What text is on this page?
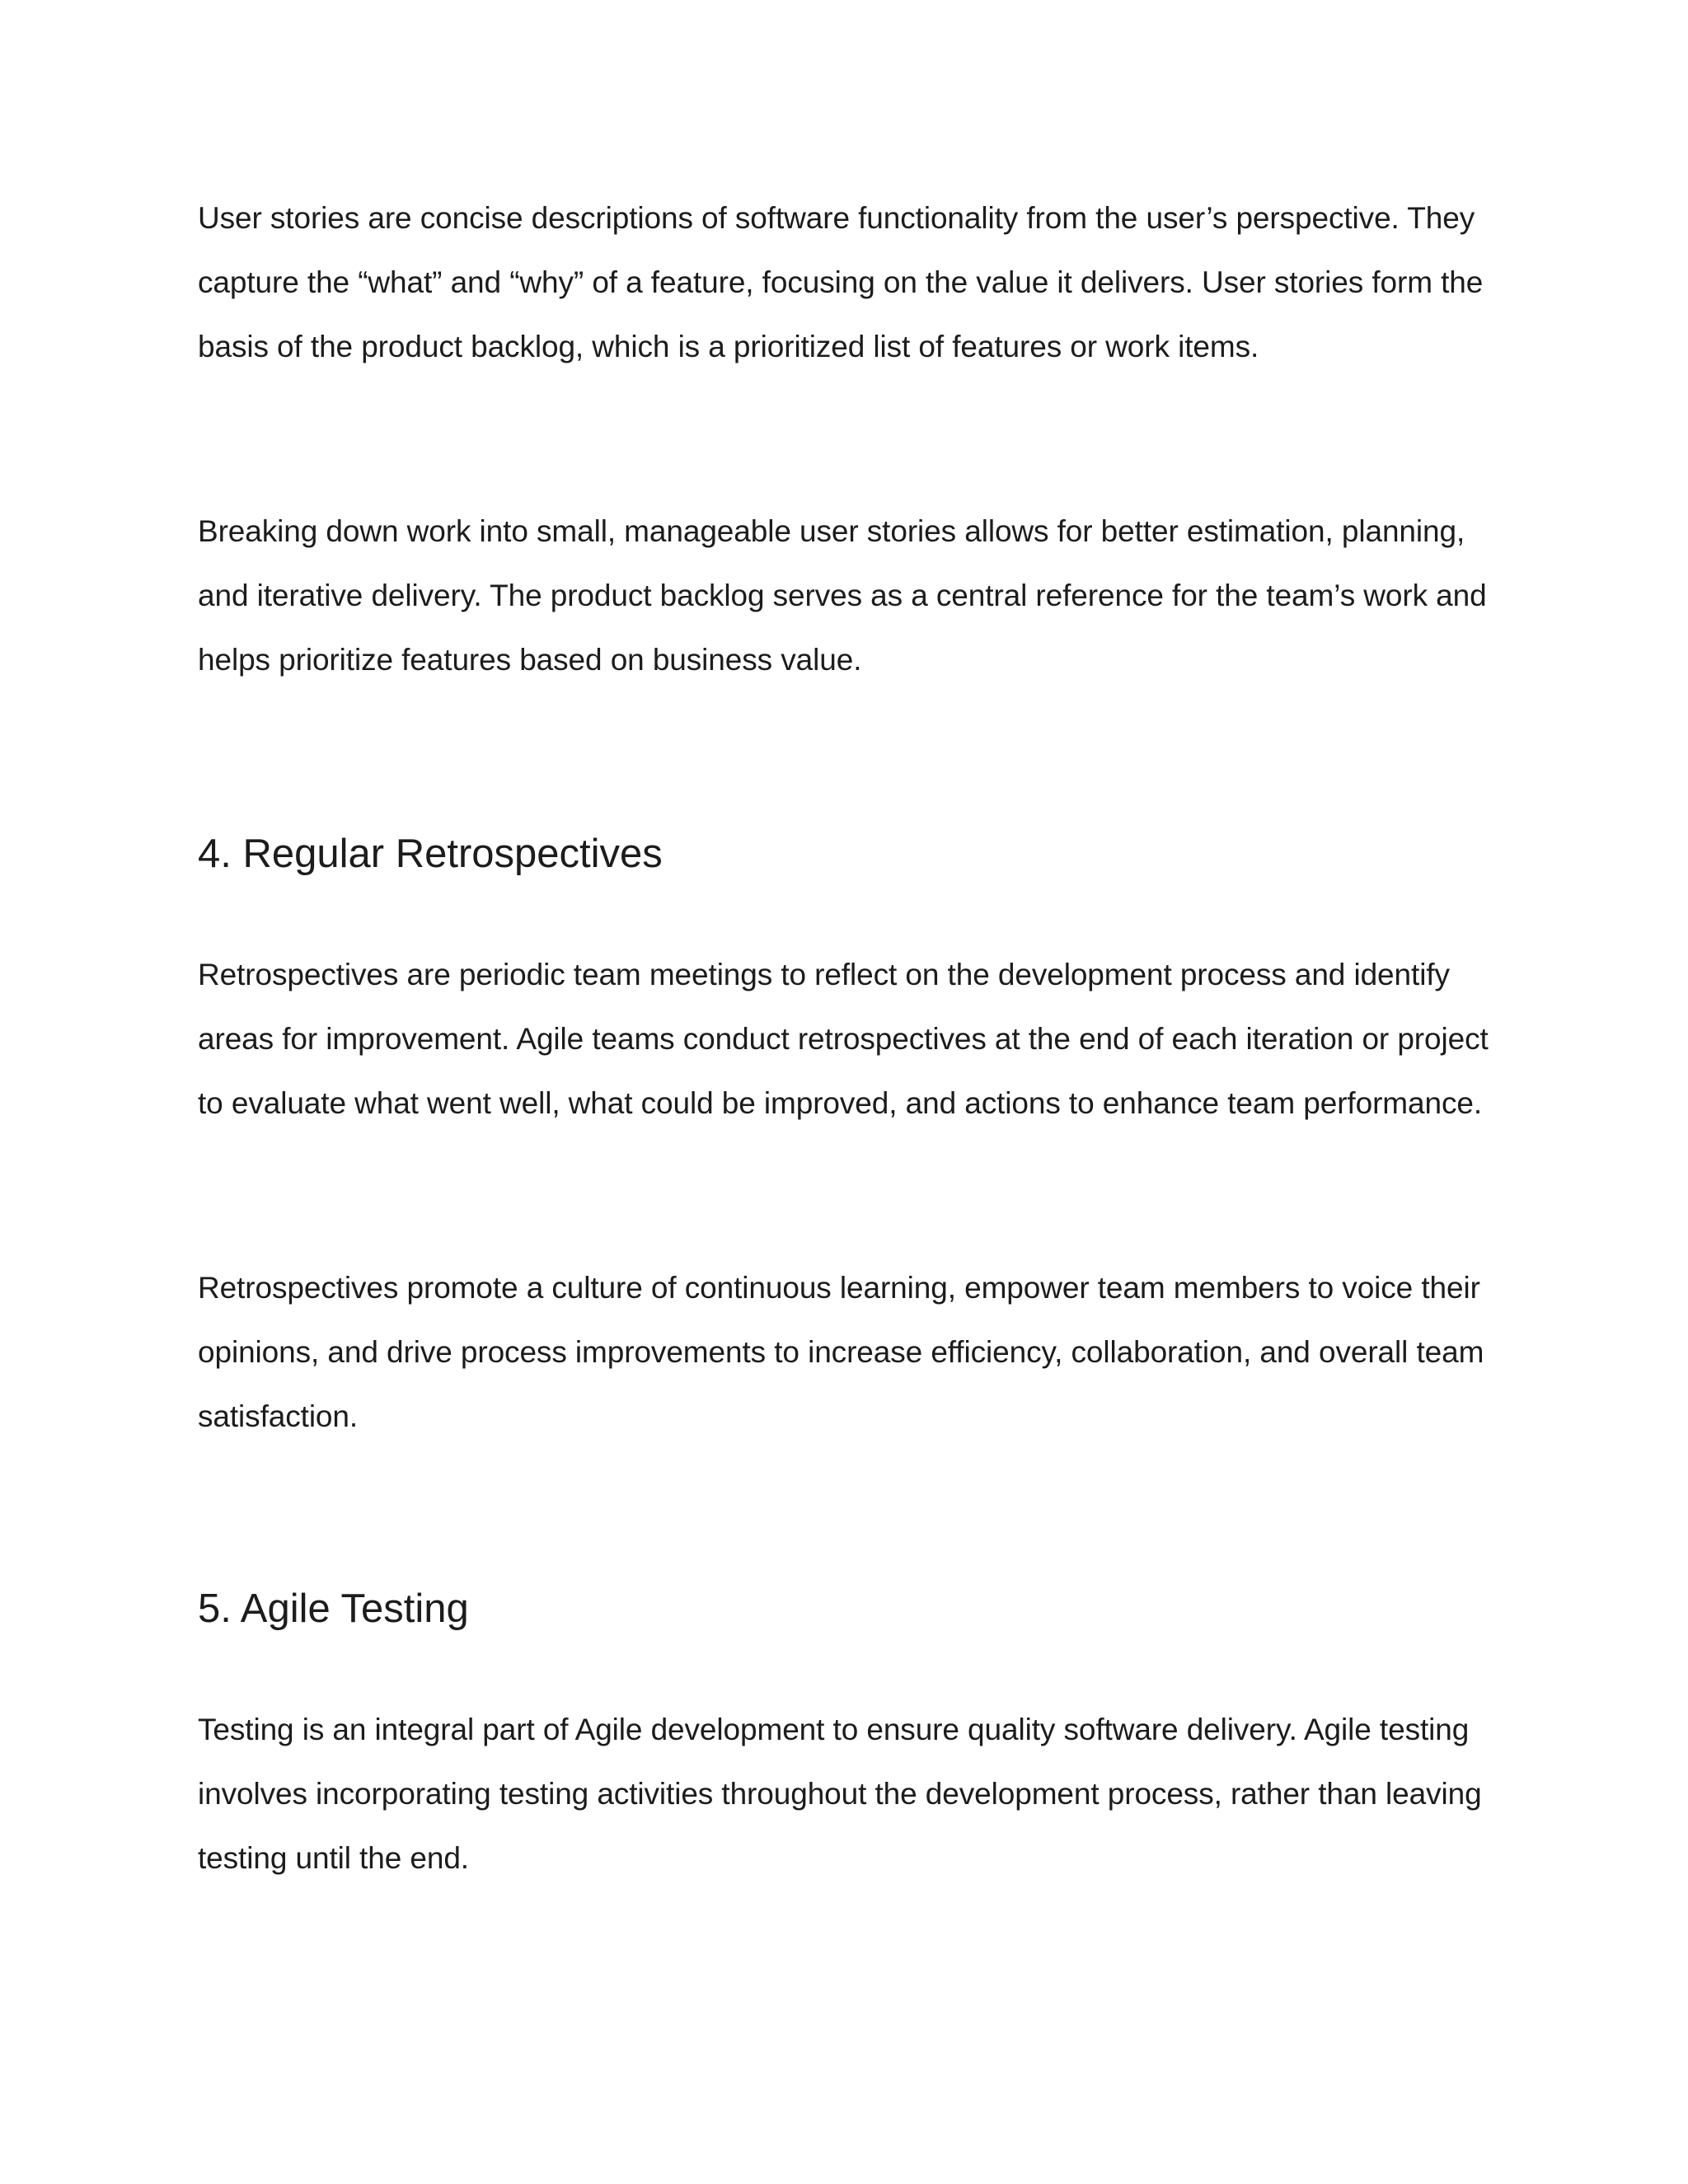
User stories are concise descriptions of software functionality from the user’s perspective. They capture the “what” and “why” of a feature, focusing on the value it delivers. User stories form the basis of the product backlog, which is a prioritized list of features or work items.

Breaking down work into small, manageable user stories allows for better estimation, planning, and iterative delivery. The product backlog serves as a central reference for the team’s work and helps prioritize features based on business value.

4. Regular Retrospectives

Retrospectives are periodic team meetings to reflect on the development process and identify areas for improvement. Agile teams conduct retrospectives at the end of each iteration or project to evaluate what went well, what could be improved, and actions to enhance team performance.

Retrospectives promote a culture of continuous learning, empower team members to voice their opinions, and drive process improvements to increase efficiency, collaboration, and overall team satisfaction.

5. Agile Testing

Testing is an integral part of Agile development to ensure quality software delivery. Agile testing involves incorporating testing activities throughout the development process, rather than leaving testing until the end.
